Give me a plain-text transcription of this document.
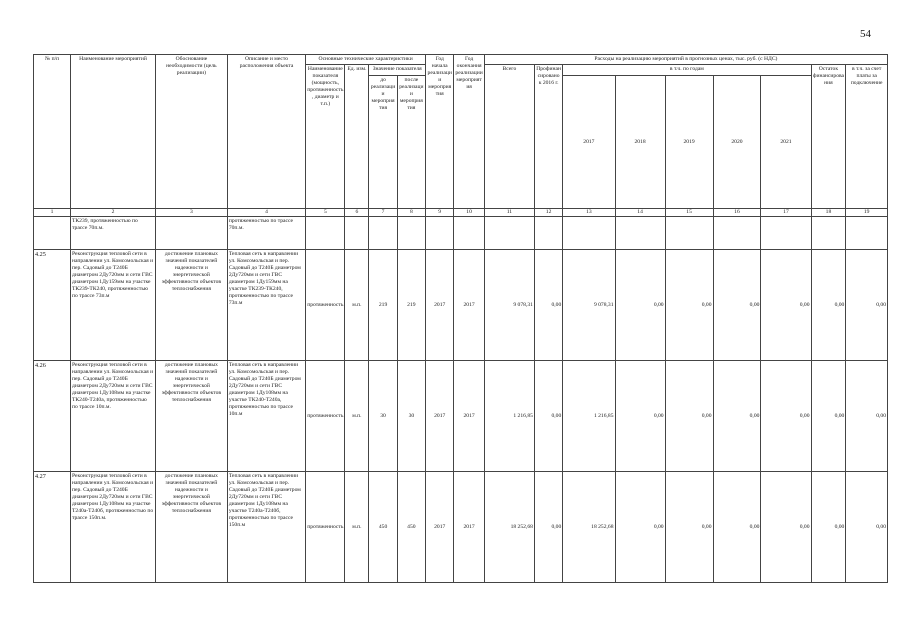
54
№ п/п	Наименование мероприятий	Обоснование необходимости (цель реализации)	Описание и место расположения объекта	Основные технические характеристики				Год начала реализации мероприятия	Год окончания реализации мероприятия	Расходы на реализацию мероприятий в прогнозных ценах, тыс. руб. (с НДС)								
				Наименование показателя (мощность, протяженность, диаметр и т.п.)	Ед. изм.	Значение показателя				Всего	Профинансировано к 2016 г.	в т.ч. по годам					Остаток финансирования	в т.ч. за счет платы за подключение
						до реализации мероприятия	после реализации мероприятия					2017	2018	2019	2020	2021		
1	2	3	4	5	6	7	8	9	10	11	12	13	14	15	16	17	18	19
	ТК239, протяженностью по трассе 70п.м.		протяженностью по трассе 70п.м.															
4.25	Реконструкция тепловой сети в направлении ул. Комсомольская и пер. Садовый до Т240Б диаметром 2Ду720мм и сети ГВС диаметром 1Ду159мм на участке ТК239-ТК240, протяженностью по трассе 73п.м	достижение плановых значений показателей надежности и энергетической эффективности объектов теплоснабжения	Тепловая сеть в направлении ул. Комсомольская и пер. Садовый до Т240Б диаметром 2Ду720мм и сети ГВС диаметром 1Ду159мм на участке ТК239-ТК240, протяженностью по трассе 73п.м	протяженность	м.п.	219	219	2017	2017	9 078,31	0,00	9 078,31	0,00	0,00	0,00	0,00	0,00	0,00
4.26	Реконструкция тепловой сети в направлении ул. Комсомольская и пер. Садовый до Т240Б диаметром 2Ду720мм и сети ГВС диаметром 1Ду108мм на участке ТК240-Т240а, протяженностью по трассе 10п.м.	достижение плановых значений показателей надежности и энергетической эффективности объектов теплоснабжения	Тепловая сеть в направлении ул. Комсомольская и пер. Садовый до Т240Б диаметром 2Ду720мм и сети ГВС диаметром 1Ду108мм на участке ТК240-Т240а, протяженностью по трассе 10п.м	протяженность	м.п.	30	30	2017	2017	1 216,85	0,00	1 216,85	0,00	0,00	0,00	0,00	0,00	0,00
4.27	Реконструкция тепловой сети в направлении ул. Комсомольская и пер. Садовый до Т240Б диаметром 2Ду720мм и сети ГВС диаметром 1Ду108мм на участке Т240а-Т240б, протяженностью по трассе 150п.м.	достижение плановых значений показателей надежности и энергетической эффективности объектов теплоснабжения	Тепловая сеть в направлении ул. Комсомольская и пер. Садовый до Т240Б диаметром 2Ду720мм и сети ГВС диаметром 1Ду108мм на участке Т240а-Т240б, протяженностью по трассе 150п.м	протяженность	м.п.	450	450	2017	2017	18 252,68	0,00	18 252,68	0,00	0,00	0,00	0,00	0,00	0,00
